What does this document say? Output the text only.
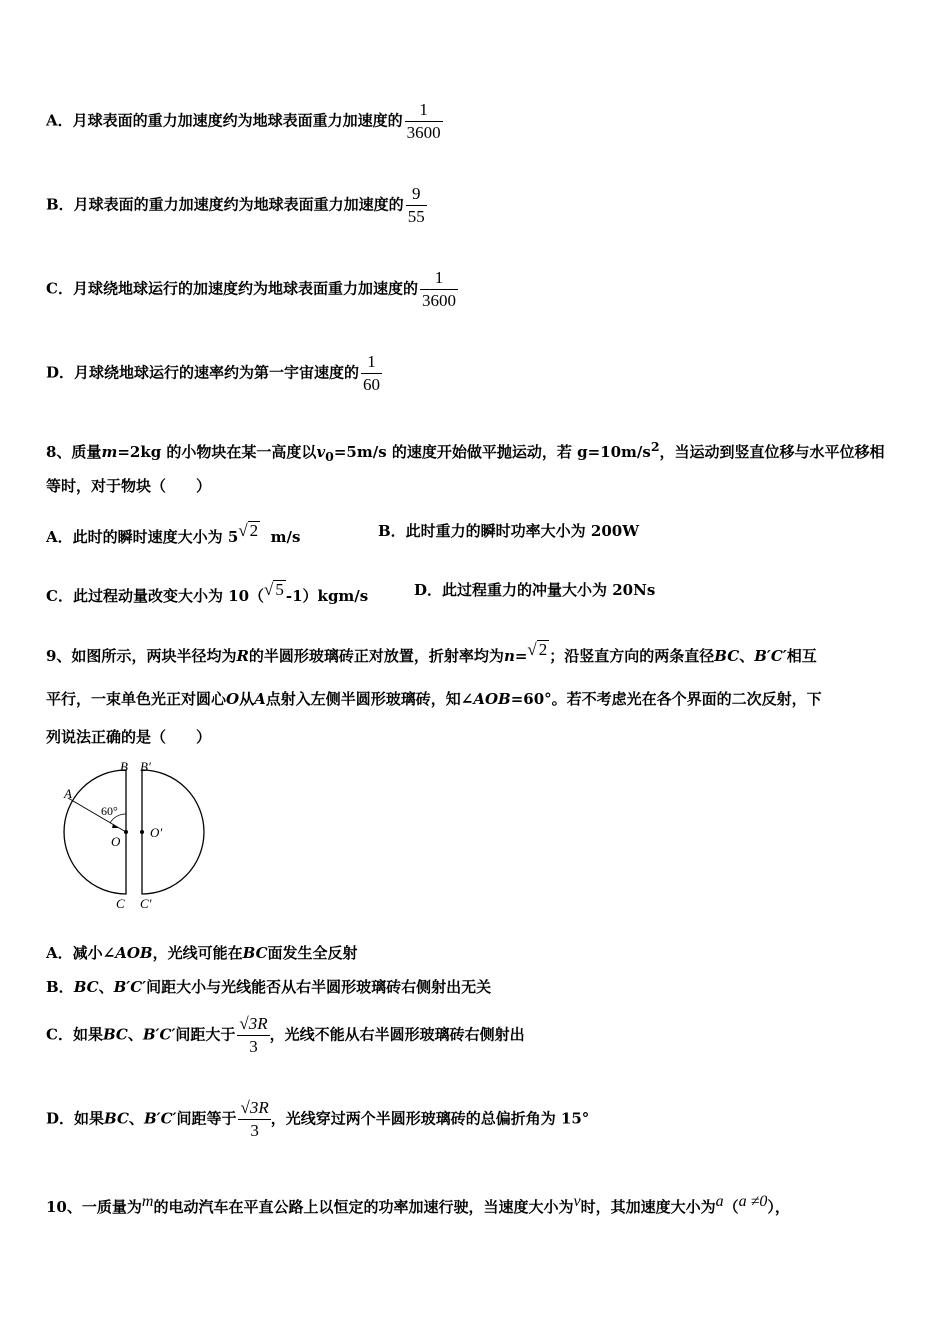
A．月球表面的重力加速度约为地球表面重力加速度的 $\frac{1}{3600}$
B．月球表面的重力加速度约为地球表面重力加速度的 $\frac{9}{55}$
C．月球绕地球运行的加速度约为地球表面重力加速度的 $\frac{1}{3600}$
D．月球绕地球运行的速率约为第一宇宙速度的 $\frac{1}{60}$
8、质量m=2kg 的小物块在某一高度以$v_0=5m/s$ 的速度开始做平抛运动，若 $g=10m/s^2$，当运动到竖直位移与水平位移相
等时，对于物块（　　）
A．此时的瞬时速度大小为 5√ 2 m/s	B．此时重力的瞬时功率大小为 200W
C．此过程动量改变大小为 10（√ 5 -1）kgm/s	D．此过程重力的冲量大小为 20Ns
9、如图所示，两块半径均为R的半圆形玻璃砖正对放置，折射率均为n=√ 2 ；沿竖直方向的两条直径BC、B′C′相互
平行，一束单色光正对圆心O从A点射入左侧半圆形玻璃砖，知∠AOB=60°。若不考虑光在各个界面的二次反射，下
列说法正确的是（　　）
B B′
A
O
O′
C C′
60°
A．减小∠AOB，光线可能在BC面发生全反射
B．BC、B′C′间距大小与光线能否从右半圆形玻璃砖右侧射出无关
C．如果BC、B′C′间距大于 $\frac{√3R}{3}$ ，光线不能从右半圆形玻璃砖右侧射出
D．如果BC、B′C′间距等于 $\frac{√3R}{3}$ ，光线穿过两个半圆形玻璃砖的总偏折角为 15°
10、一质量为m的电动汽车在平直公路上以恒定的功率加速行驶，当速度大小为v时，其加速度大小为a（a ≠0），
